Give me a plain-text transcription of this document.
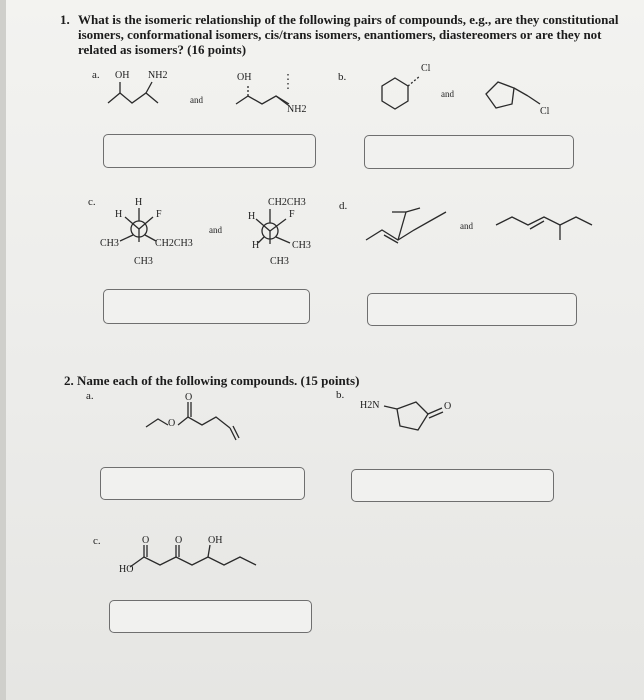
1. What is the isomeric relationship of the following pairs of compounds, e.g., are they constitutional
isomers, conformational isomers, cis/trans isomers, enantiomers, diastereomers or are they not
related as isomers? (16 points)
a. OH NH2
and
OH
NH2
b.
Cl
and
Cl
c.	H
H	F
CH3	CH2CH3
CH3
and
CH2CH3
H	F
H	CH3
CH3
d.
and
2. Name each of the following compounds. (15 points)
a.	O
O
b.
H2N	O
c.	O	O	OH
HO
